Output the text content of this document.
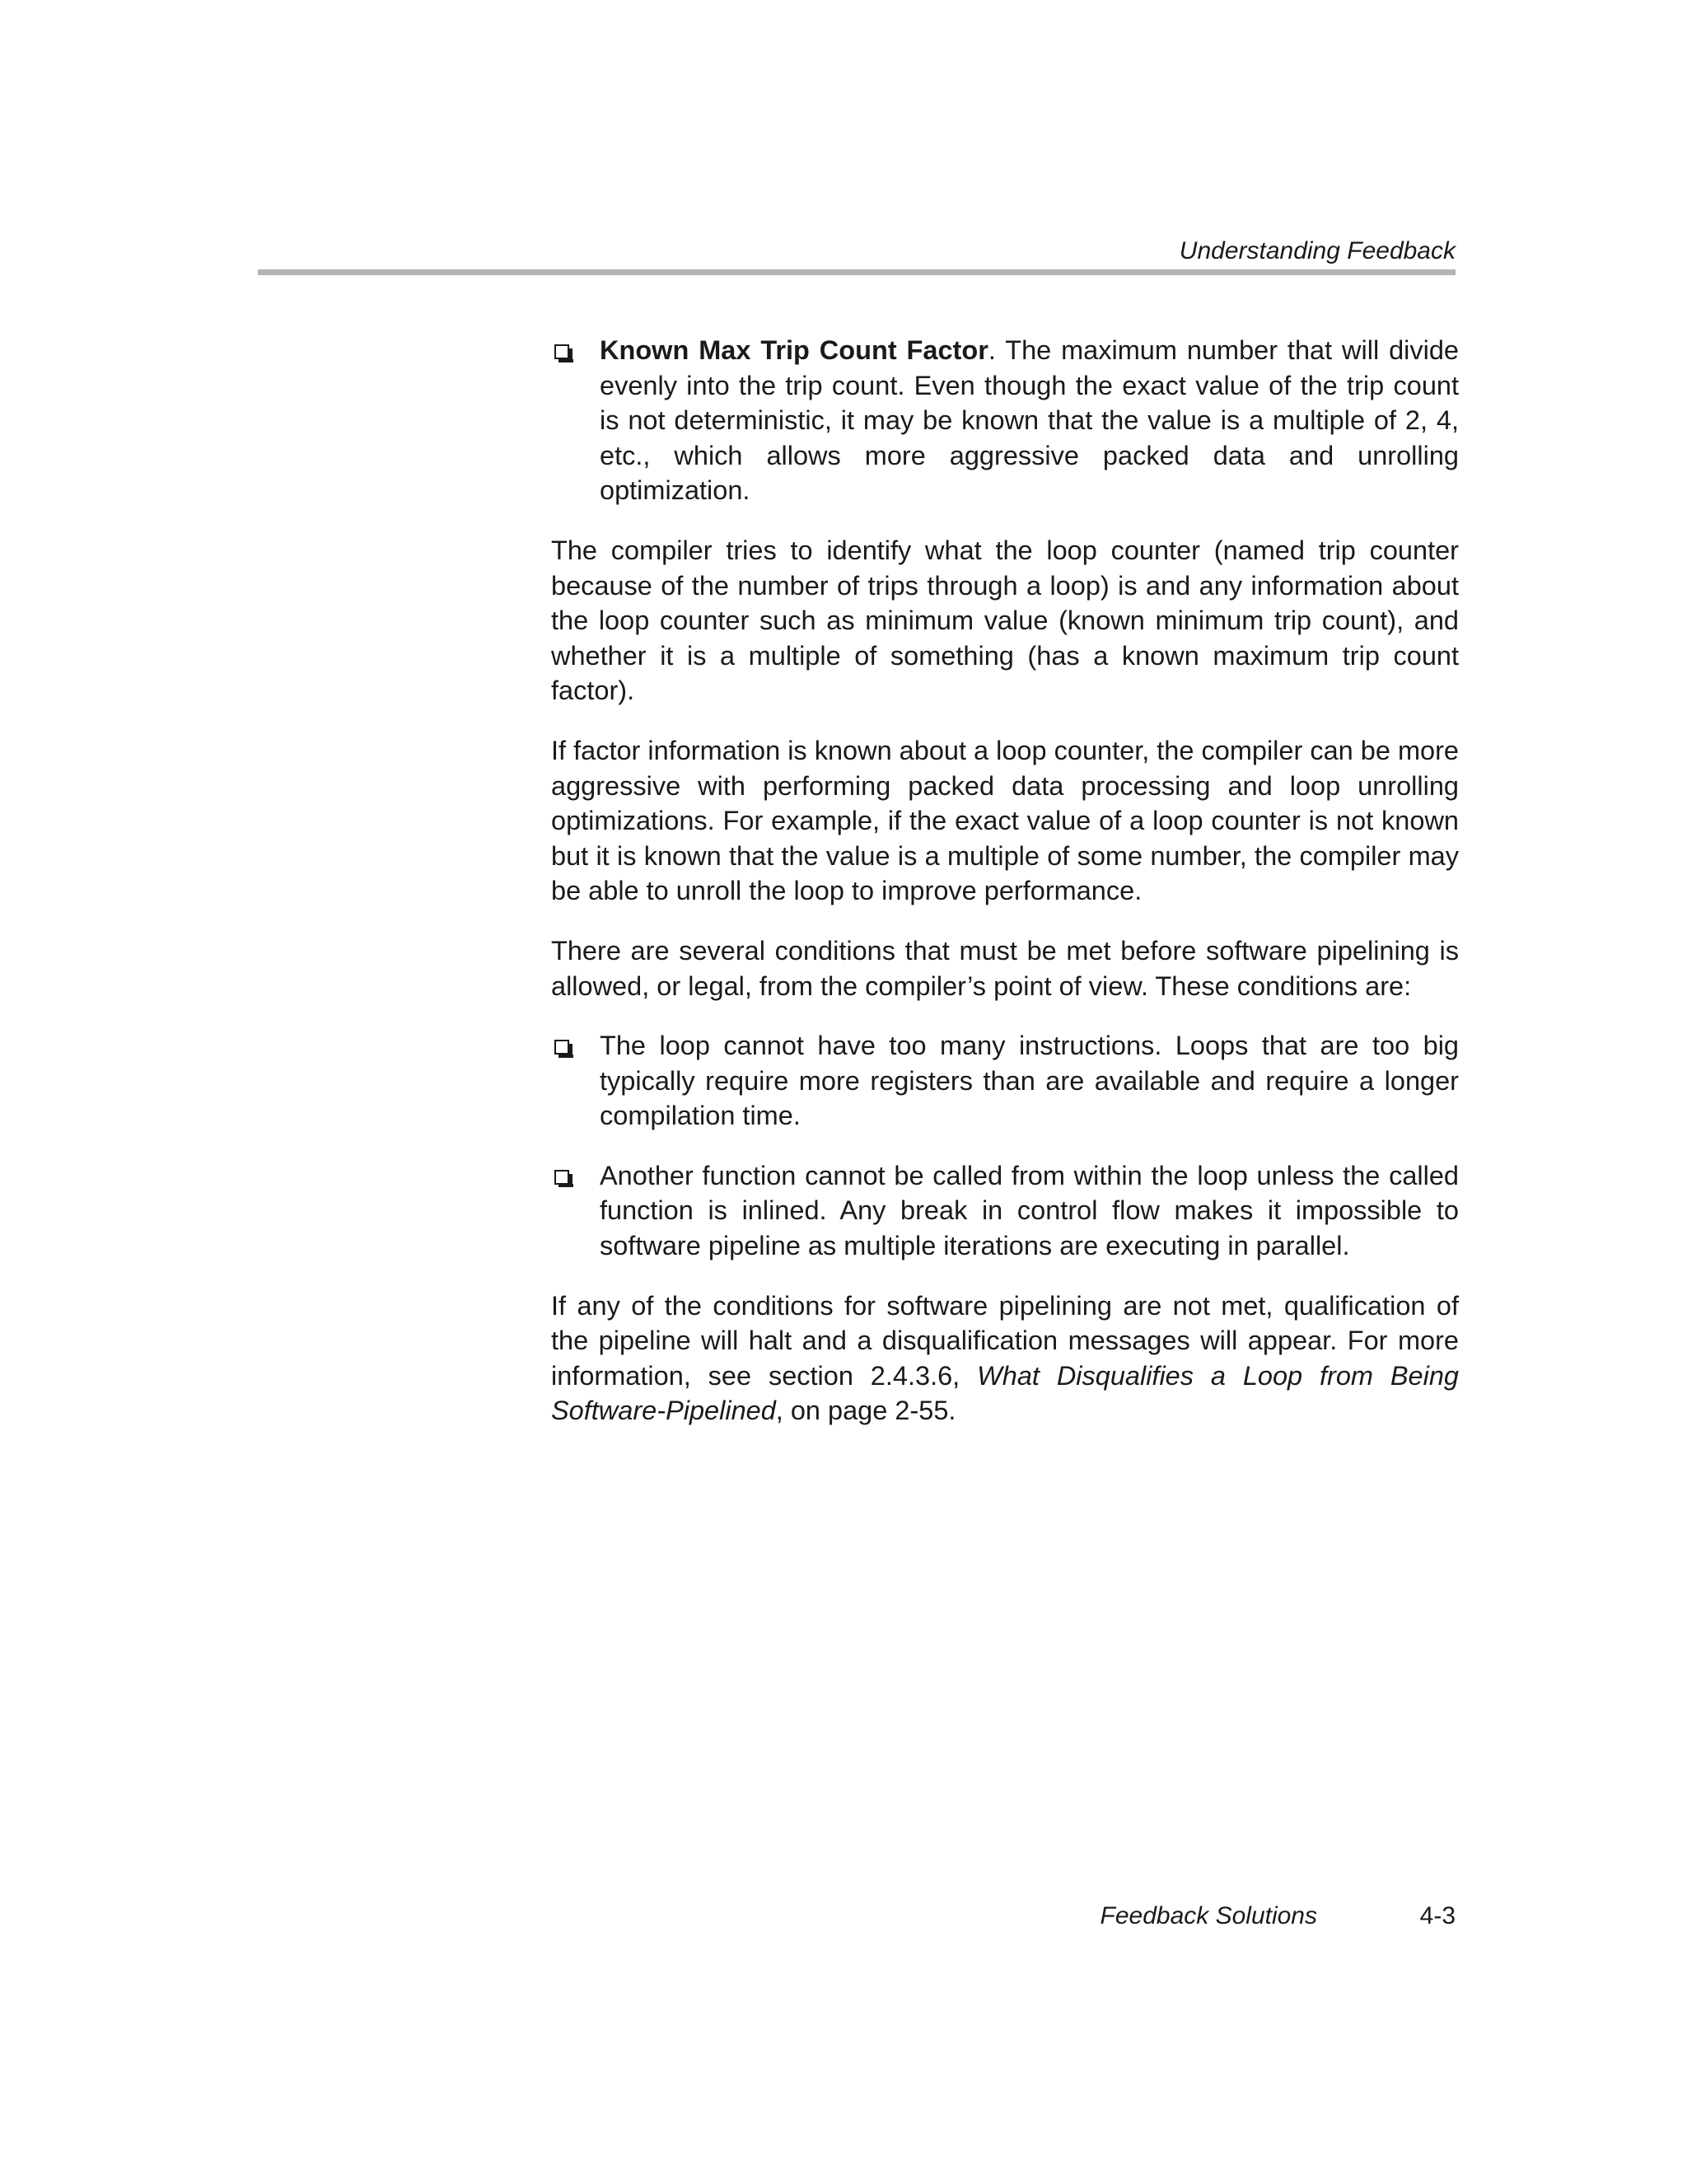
Understanding Feedback
Known Max Trip Count Factor. The maximum number that will divide evenly into the trip count. Even though the exact value of the trip count is not deterministic, it may be known that the value is a multiple of 2, 4, etc., which allows more aggressive packed data and unrolling optimization.

The compiler tries to identify what the loop counter (named trip counter because of the number of trips through a loop) is and any information about the loop counter such as minimum value (known minimum trip count), and whether it is a multiple of something (has a known maximum trip count factor).

If factor information is known about a loop counter, the compiler can be more aggressive with performing packed data processing and loop unrolling optimizations. For example, if the exact value of a loop counter is not known but it is known that the value is a multiple of some number, the compiler may be able to unroll the loop to improve performance.

There are several conditions that must be met before software pipelining is allowed, or legal, from the compiler’s point of view. These conditions are:

The loop cannot have too many instructions. Loops that are too big typically require more registers than are available and require a longer compilation time.
Another function cannot be called from within the loop unless the called function is inlined. Any break in control flow makes it impossible to software pipeline as multiple iterations are executing in parallel.

If any of the conditions for software pipelining are not met, qualification of the pipeline will halt and a disqualification messages will appear. For more information, see section 2.4.3.6, What Disqualifies a Loop from Being Software-Pipelined, on page 2-55.

Feedback Solutions	4-3
